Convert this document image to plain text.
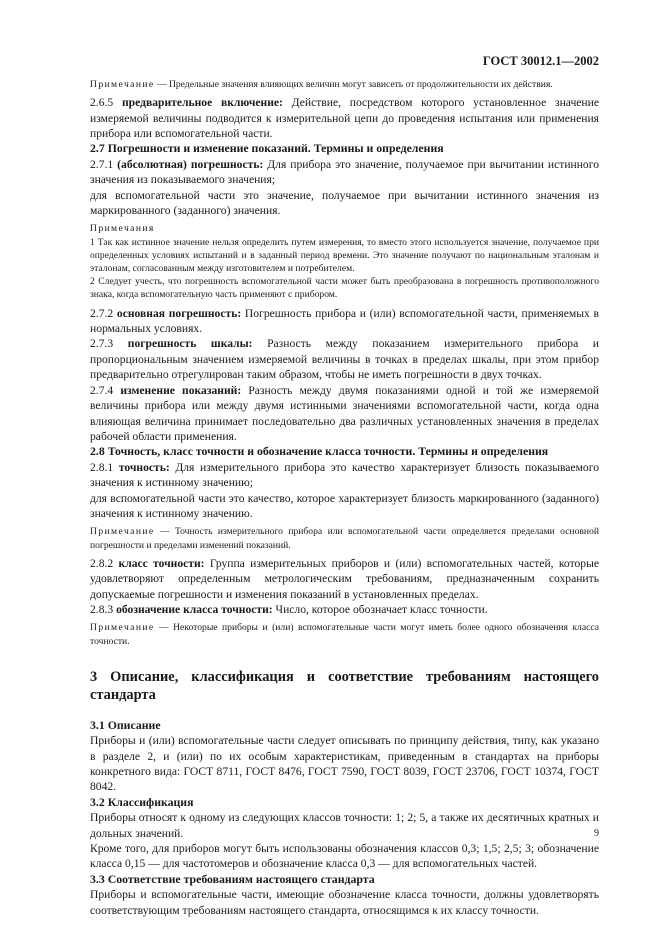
ГОСТ 30012.1—2002

Примечание — Предельные значения влияющих величин могут зависеть от продолжительности их действия.

2.6.5 предварительное включение: Действие, посредством которого установленное значение измеряемой величины подводится к измерительной цепи до проведения испытания или применения прибора или вспомогательной части.

2.7 Погрешности и изменение показаний. Термины и определения

2.7.1 (абсолютная) погрешность: Для прибора это значение, получаемое при вычитании истинного значения из показываемого значения;

для вспомогательной части это значение, получаемое при вычитании истинного значения из маркированного (заданного) значения.

Примечания

1 Так как истинное значение нельзя определить путем измерения, то вместо этого используется значение, получаемое при определенных условиях испытаний и в заданный период времени. Это значение получают по национальным эталонам и эталонам, согласованным между изготовителем и потребителем.

2 Следует учесть, что погрешность вспомогательной части может быть преобразована в погрешность противоположного знака, когда вспомогательную часть применяют с прибором.

2.7.2 основная погрешность: Погрешность прибора и (или) вспомогательной части, применяемых в нормальных условиях.

2.7.3 погрешность шкалы: Разность между показанием измерительного прибора и пропорциональным значением измеряемой величины в точках в пределах шкалы, при этом прибор предварительно отрегулирован таким образом, чтобы не иметь погрешности в двух точках.

2.7.4 изменение показаний: Разность между двумя показаниями одной и той же измеряемой величины прибора или между двумя истинными значениями вспомогательной части, когда одна влияющая величина принимает последовательно два различных установленных значения в пределах рабочей области применения.

2.8 Точность, класс точности и обозначение класса точности. Термины и определения

2.8.1 точность: Для измерительного прибора это качество характеризует близость показываемого значения к истинному значению;

для вспомогательной части это качество, которое характеризует близость маркированного (заданного) значения к истинному значению.

Примечание — Точность измерительного прибора или вспомогательной части определяется пределами основной погрешности и пределами изменений показаний.

2.8.2 класс точности: Группа измерительных приборов и (или) вспомогательных частей, которые удовлетворяют определенным метрологическим требованиям, предназначенным сохранить допускаемые погрешности и изменения показаний в установленных пределах.

2.8.3 обозначение класса точности: Число, которое обозначает класс точности.

Примечание — Некоторые приборы и (или) вспомогательные части могут иметь более одного обозначения класса точности.

3 Описание, классификация и соответствие требованиям настоящего стандарта

3.1 Описание

Приборы и (или) вспомогательные части следует описывать по принципу действия, типу, как указано в разделе 2, и (или) по их особым характеристикам, приведенным в стандартах на приборы конкретного вида: ГОСТ 8711, ГОСТ 8476, ГОСТ 7590, ГОСТ 8039, ГОСТ 23706, ГОСТ 10374, ГОСТ 8042.

3.2 Классификация

Приборы относят к одному из следующих классов точности: 1; 2; 5, а также их десятичных кратных и дольных значений.

Кроме того, для приборов могут быть использованы обозначения классов 0,3; 1,5; 2,5; 3; обозначение класса 0,15 — для частотомеров и обозначение класса 0,3 — для вспомогательных частей.

3.3 Соответствие требованиям настоящего стандарта

Приборы и вспомогательные части, имеющие обозначение класса точности, должны удовлетворять соответствующим требованиям настоящего стандарта, относящимся к их классу точности.

9
